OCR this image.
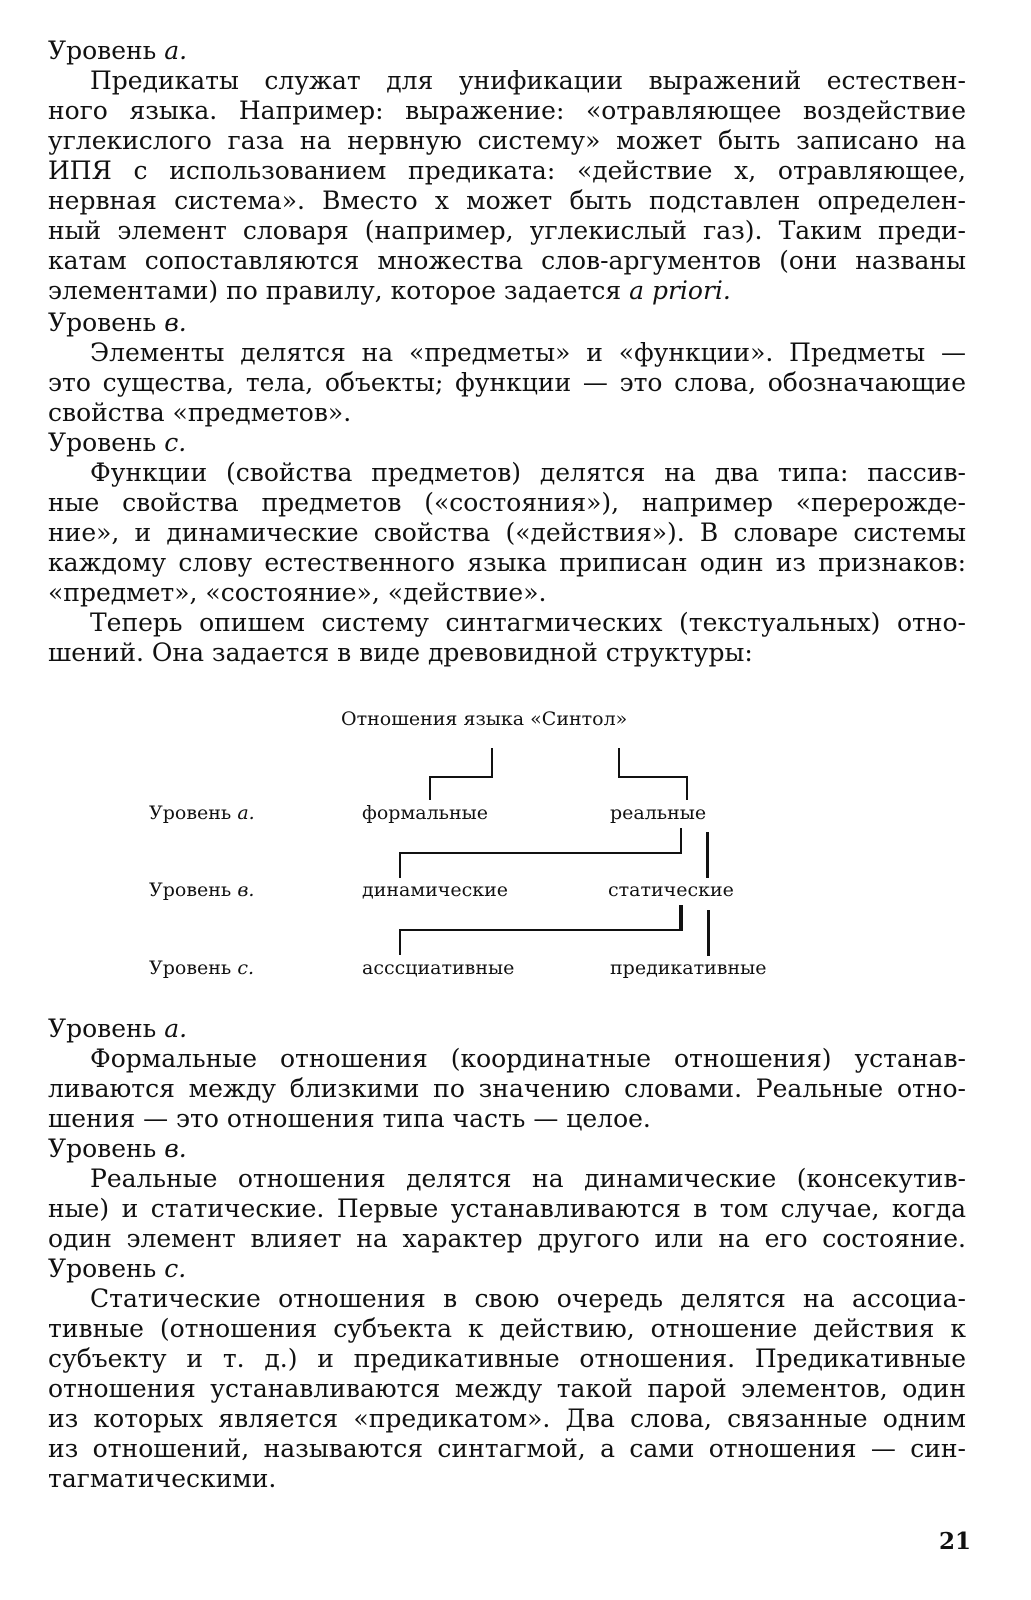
Уровень a.
Предикаты служат для унификации выражений естествен-
ного языка. Например: выражение: «отравляющее воздействие
углекислого газа на нервную систему» может быть записано на
ИПЯ с использованием предиката: «действие x, отравляющее,
нервная система». Вместо x может быть подставлен определен-
ный элемент словаря (например, углекислый газ). Таким преди-
катам сопоставляются множества слов-аргументов (они названы
элементами) по правилу, которое задается a priori.
Уровень в.
Элементы делятся на «предметы» и «функции». Предметы —
это существа, тела, объекты; функции — это слова, обозначающие
свойства «предметов».
Уровень с.
Функции (свойства предметов) делятся на два типа: пассив-
ные свойства предметов («состояния»), например «перерожде-
ние», и динамические свойства («действия»). В словаре системы
каждому слову естественного языка приписан один из признаков:
«предмет», «состояние», «действие».
Теперь опишем систему синтагмических (текстуальных) отно-
шений. Она задается в виде древовидной структуры:
Отношения языка «Синтол»
Уровень a.	формальные	реальные
Уровень в.	динамические	статические
Уровень с.	асссциативные	предикативные
Уровень a.
Формальные отношения (координатные отношения) устанав-
ливаются между близкими по значению словами. Реальные отно-
шения — это отношения типа часть — целое.
Уровень в.
Реальные отношения делятся на динамические (консекутив-
ные) и статические. Первые устанавливаются в том случае, когда
один элемент влияет на характер другого или на его состояние.
Уровень с.
Статические отношения в свою очередь делятся на ассоциа-
тивные (отношения субъекта к действию, отношение действия к
субъекту и т. д.) и предикативные отношения. Предикативные
отношения устанавливаются между такой парой элементов, один
из которых является «предикатом». Два слова, связанные одним
из отношений, называются синтагмой, а сами отношения — син-
тагматическими.
21
